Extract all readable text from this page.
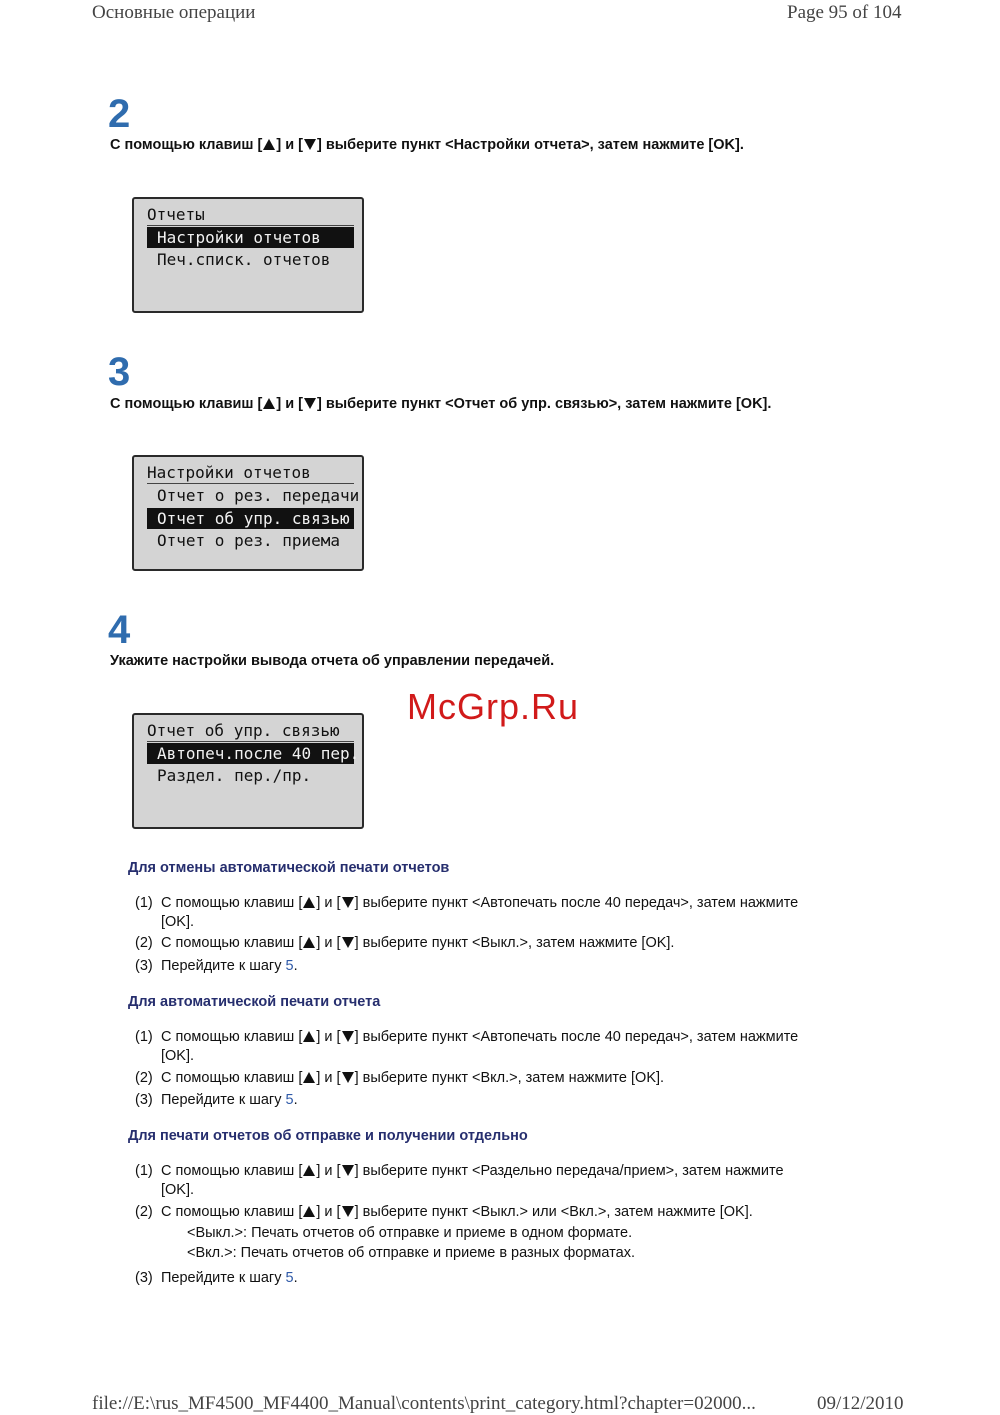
Основные операции	Page 95 of 104
2
С помощью клавиш [ ] и [ ] выберите пункт <Настройки отчета>, затем нажмите [OK].
Отчеты
Настройки отчетов
Печ.списк. отчетов
3
С помощью клавиш [ ] и [ ] выберите пункт <Отчет об упр. связью>, затем нажмите [OK].
Настройки отчетов
Отчет о рез. передачи
Отчет об упр. связью
Отчет о рез. приема
4
Укажите настройки вывода отчета об управлении передачей.
Отчет об упр. связью
Автопеч.после 40 пер.
Раздел. пер./пр.
McGrp.Ru
Для отмены автоматической печати отчетов
(1) С помощью клавиш [ ] и [ ] выберите пункт <Автопечать после 40 передач>, затем нажмите
[OK].
(2) С помощью клавиш [ ] и [ ] выберите пункт <Выкл.>, затем нажмите [OK].
(3) Перейдите к шагу 5.
Для автоматической печати отчета
(1) С помощью клавиш [ ] и [ ] выберите пункт <Автопечать после 40 передач>, затем нажмите
[OK].
(2) С помощью клавиш [ ] и [ ] выберите пункт <Вкл.>, затем нажмите [OK].
(3) Перейдите к шагу 5.
Для печати отчетов об отправке и получении отдельно
(1) С помощью клавиш [ ] и [ ] выберите пункт <Раздельно передача/прием>, затем нажмите
[OK].
(2) С помощью клавиш [ ] и [ ] выберите пункт <Выкл.> или <Вкл.>, затем нажмите [OK].
<Выкл.>: Печать отчетов об отправке и приеме в одном формате.
<Вкл.>: Печать отчетов об отправке и приеме в разных форматах.
(3) Перейдите к шагу 5.
file://E:\rus_MF4500_MF4400_Manual\contents\print_category.html?chapter=02000...	09/12/2010
